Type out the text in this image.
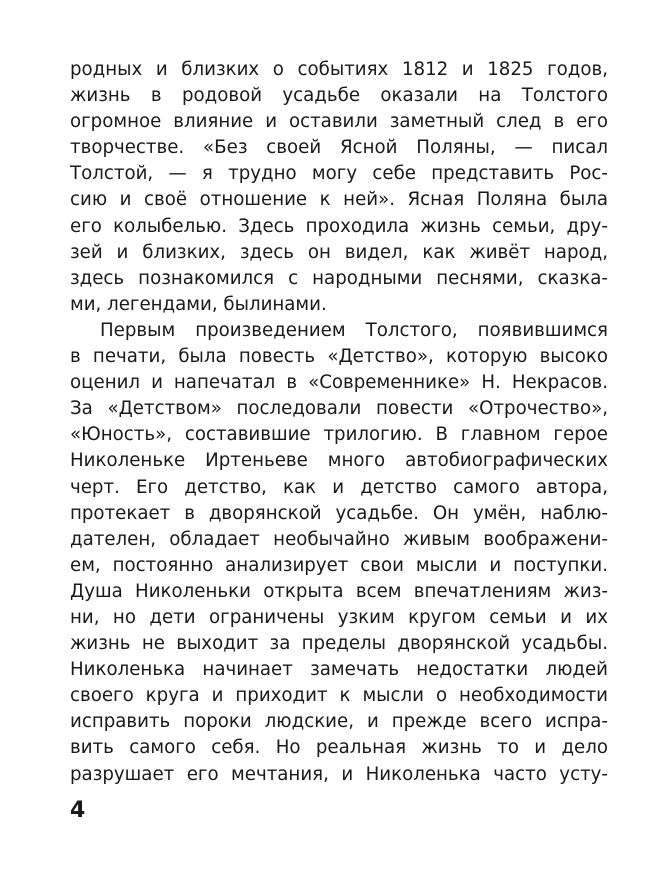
родных и близких о событиях 1812 и 1825 годов,
жизнь в родовой усадьбе оказали на Толстого
огромное влияние и оставили заметный след в его
творчестве. «Без своей Ясной Поляны, — писал
Толстой, — я трудно могу себе представить Рос-
сию и своё отношение к ней». Ясная Поляна была
его колыбелью. Здесь проходила жизнь семьи, дру-
зей и близких, здесь он видел, как живёт народ,
здесь познакомился с народными песнями, сказка-
ми, легендами, былинами.
Первым произведением Толстого, появившимся
в печати, была повесть «Детство», которую высоко
оценил и напечатал в «Современнике» Н. Некрасов.
За «Детством» последовали повести «Отрочество»,
«Юность», составившие трилогию. В главном герое
Николеньке Иртеньеве много автобиографических
черт. Его детство, как и детство самого автора,
протекает в дворянской усадьбе. Он умён, наблю-
дателен, обладает необычайно живым воображени-
ем, постоянно анализирует свои мысли и поступки.
Душа Николеньки открыта всем впечатлениям жиз-
ни, но дети ограничены узким кругом семьи и их
жизнь не выходит за пределы дворянской усадьбы.
Николенька начинает замечать недостатки людей
своего круга и приходит к мысли о необходимости
исправить пороки людские, и прежде всего испра-
вить самого себя. Но реальная жизнь то и дело
разрушает его мечтания, и Николенька часто усту-
4
